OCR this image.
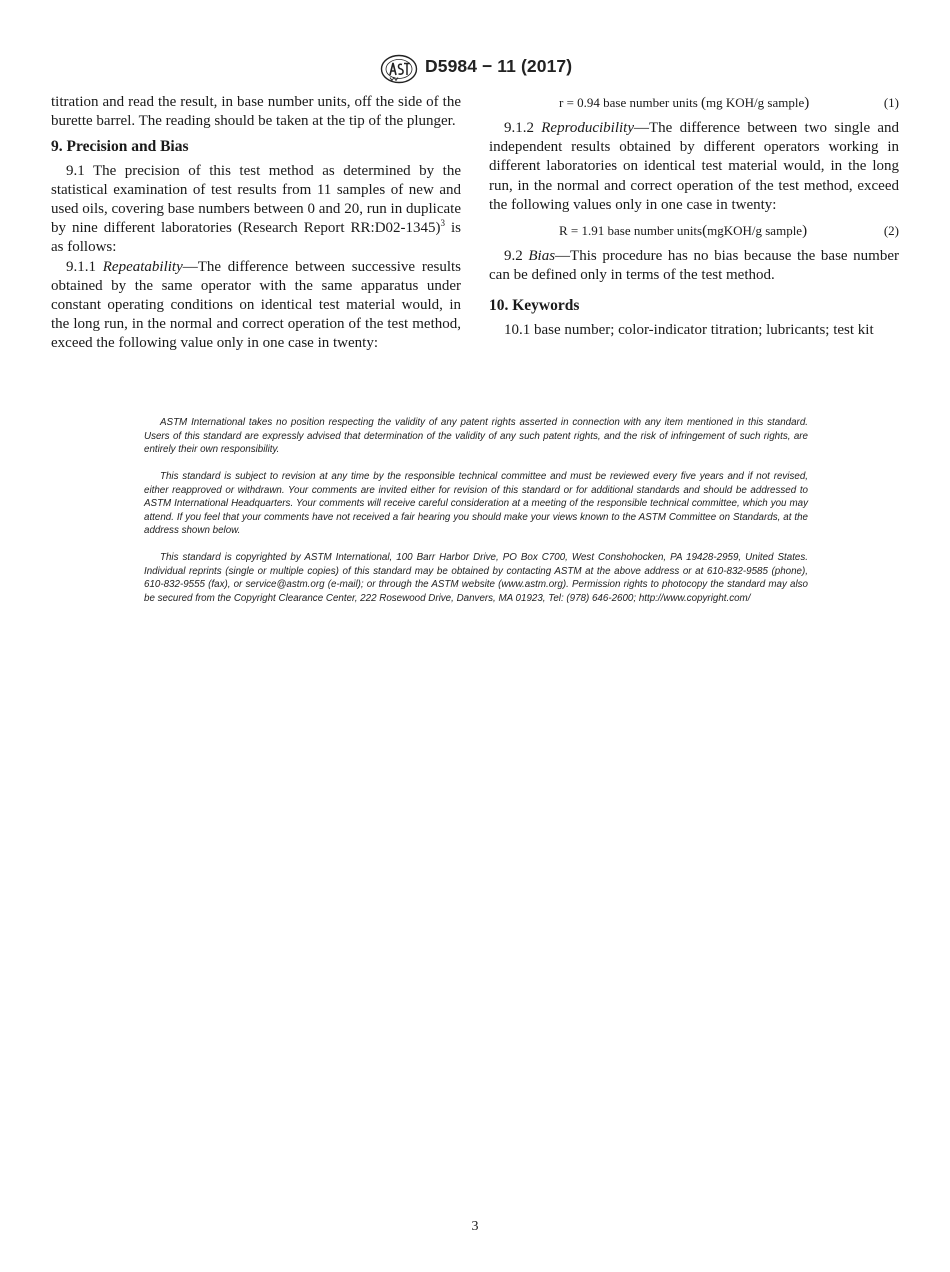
D5984 − 11 (2017)

titration and read the result, in base number units, off the side of the burette barrel. The reading should be taken at the tip of the plunger.

9. Precision and Bias

9.1 The precision of this test method as determined by the statistical examination of test results from 11 samples of new and used oils, covering base numbers between 0 and 20, run in duplicate by nine different laboratories (Research Report RR:D02-1345)$^3$ is as follows:

9.1.1 Repeatability—The difference between successive results obtained by the same operator with the same apparatus under constant operating conditions on identical test material would, in the long run, in the normal and correct operation of the test method, exceed the following value only in one case in twenty:

r = 0.94 base number units (mg KOH/g sample)	(1)

9.1.2 Reproducibility—The difference between two single and independent results obtained by different operators working in different laboratories on identical test material would, in the long run, in the normal and correct operation of the test method, exceed the following values only in one case in twenty:

R = 1.91 base number units(mgKOH/g sample)	(2)

9.2 Bias—This procedure has no bias because the base number can be defined only in terms of the test method.

10. Keywords

10.1 base number; color-indicator titration; lubricants; test kit

ASTM International takes no position respecting the validity of any patent rights asserted in connection with any item mentioned in this standard. Users of this standard are expressly advised that determination of the validity of any such patent rights, and the risk of infringement of such rights, are entirely their own responsibility.

This standard is subject to revision at any time by the responsible technical committee and must be reviewed every five years and if not revised, either reapproved or withdrawn. Your comments are invited either for revision of this standard or for additional standards and should be addressed to ASTM International Headquarters. Your comments will receive careful consideration at a meeting of the responsible technical committee, which you may attend. If you feel that your comments have not received a fair hearing you should make your views known to the ASTM Committee on Standards, at the address shown below.

This standard is copyrighted by ASTM International, 100 Barr Harbor Drive, PO Box C700, West Conshohocken, PA 19428-2959, United States. Individual reprints (single or multiple copies) of this standard may be obtained by contacting ASTM at the above address or at 610-832-9585 (phone), 610-832-9555 (fax), or service@astm.org (e-mail); or through the ASTM website (www.astm.org). Permission rights to photocopy the standard may also be secured from the Copyright Clearance Center, 222 Rosewood Drive, Danvers, MA 01923, Tel: (978) 646-2600; http://www.copyright.com/

3
